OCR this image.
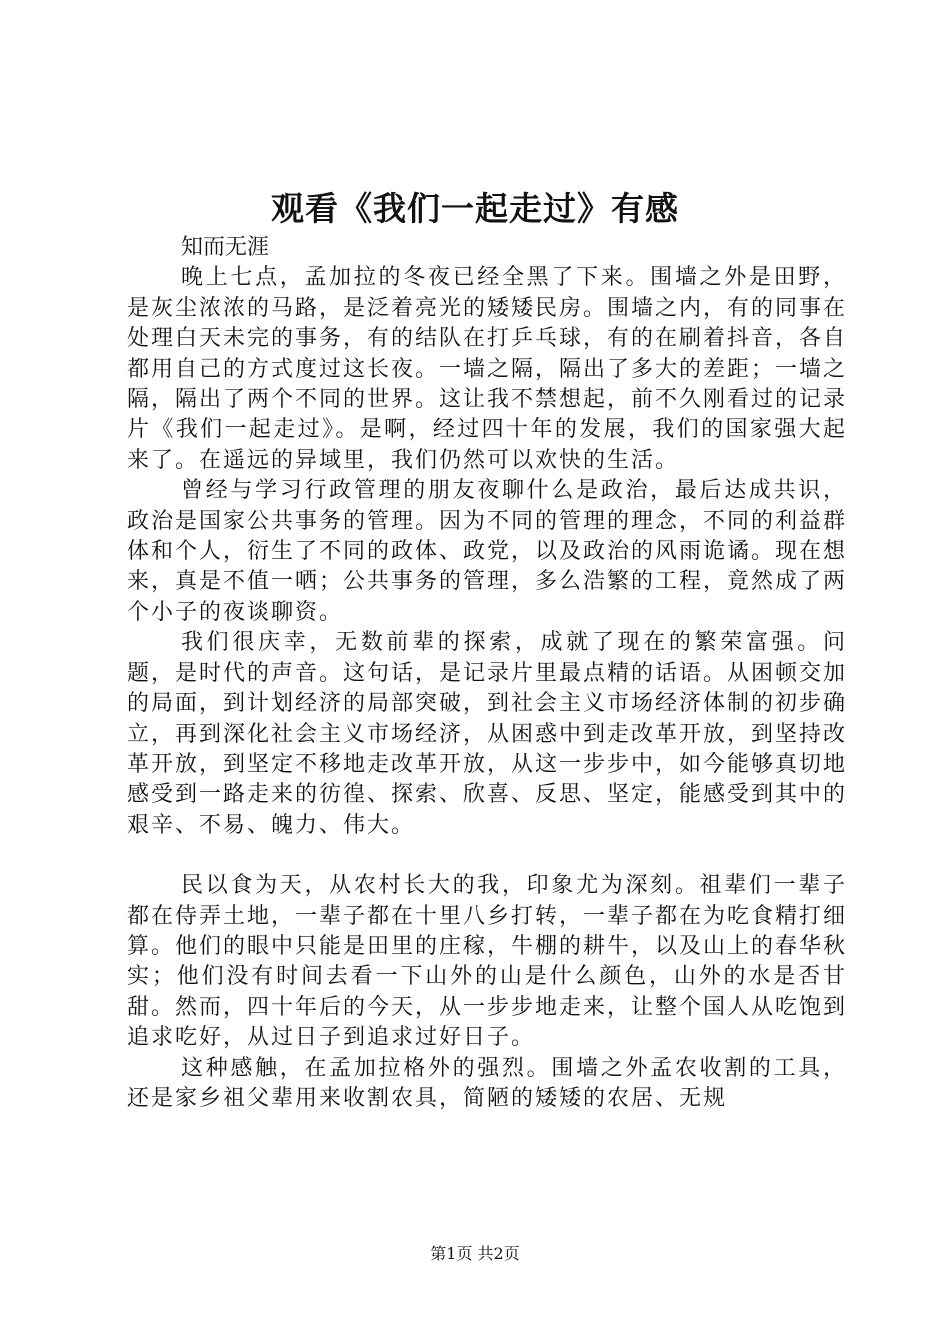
观看《我们一起走过》有感

知而无涯

晚上七点，孟加拉的冬夜已经全黑了下来。围墙之外是田野，是灰尘浓浓的马路，是泛着亮光的矮矮民房。围墙之内，有的同事在处理白天未完的事务，有的结队在打乒乓球，有的在刷着抖音，各自都用自己的方式度过这长夜。一墙之隔，隔出了多大的差距；一墙之隔，隔出了两个不同的世界。这让我不禁想起，前不久刚看过的记录片《我们一起走过》。是啊，经过四十年的发展，我们的国家强大起来了。在遥远的异域里，我们仍然可以欢快的生活。

曾经与学习行政管理的朋友夜聊什么是政治，最后达成共识，政治是国家公共事务的管理。因为不同的管理的理念，不同的利益群体和个人，衍生了不同的政体、政党，以及政治的风雨诡谲。现在想来，真是不值一哂；公共事务的管理，多么浩繁的工程，竟然成了两个小子的夜谈聊资。

我们很庆幸，无数前辈的探索，成就了现在的繁荣富强。问题，是时代的声音。这句话，是记录片里最点精的话语。从困顿交加的局面，到计划经济的局部突破，到社会主义市场经济体制的初步确立，再到深化社会主义市场经济，从困惑中到走改革开放，到坚持改革开放，到坚定不移地走改革开放，从这一步步中，如今能够真切地感受到一路走来的彷徨、探索、欣喜、反思、坚定，能感受到其中的艰辛、不易、魄力、伟大。

民以食为天，从农村长大的我，印象尤为深刻。祖辈们一辈子都在侍弄土地，一辈子都在十里八乡打转，一辈子都在为吃食精打细算。他们的眼中只能是田里的庄稼，牛棚的耕牛，以及山上的春华秋实；他们没有时间去看一下山外的山是什么颜色，山外的水是否甘甜。然而，四十年后的今天，从一步步地走来，让整个国人从吃饱到追求吃好，从过日子到追求过好日子。

这种感触，在孟加拉格外的强烈。围墙之外孟农收割的工具，还是家乡祖父辈用来收割农具，简陋的矮矮的农居、无规

第1页 共2页
